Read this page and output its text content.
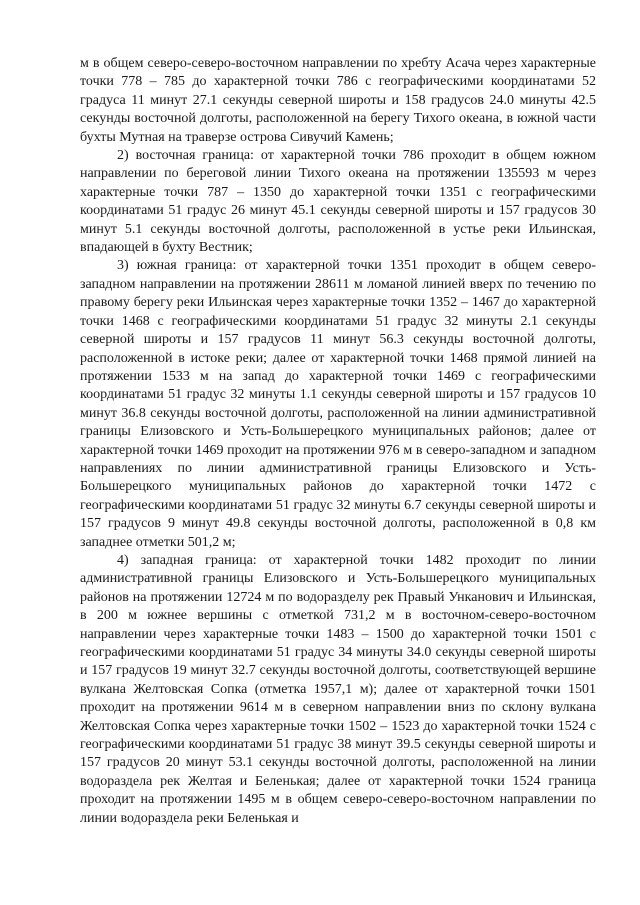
м в общем северо-северо-восточном направлении по хребту Асача через характерные точки 778 – 785 до характерной точки 786 с географическими координатами 52 градуса 11 минут 27.1 секунды северной широты и 158 градусов 24.0 минуты 42.5 секунды восточной долготы, расположенной на берегу Тихого океана, в южной части бухты Мутная на траверзе острова Сивучий Камень;

2) восточная граница: от характерной точки 786 проходит в общем южном направлении по береговой линии Тихого океана на протяжении 135593 м через характерные точки 787 – 1350 до характерной точки 1351 с географическими координатами 51 градус 26 минут 45.1 секунды северной широты и 157 градусов 30 минут 5.1 секунды восточной долготы, расположенной в устье реки Ильинская, впадающей в бухту Вестник;

3) южная граница: от характерной точки 1351 проходит в общем северо-западном направлении на протяжении 28611 м ломаной линией вверх по течению по правому берегу реки Ильинская через характерные точки 1352 – 1467 до характерной точки 1468 с географическими координатами 51 градус 32 минуты 2.1 секунды северной широты и 157 градусов 11 минут 56.3 секунды восточной долготы, расположенной в истоке реки; далее от характерной точки 1468 прямой линией на протяжении 1533 м на запад до характерной точки 1469 с географическими координатами 51 градус 32 минуты 1.1 секунды северной широты и 157 градусов 10 минут 36.8 секунды восточной долготы, расположенной на линии административной границы Елизовского и Усть-Большерецкого муниципальных районов; далее от характерной точки 1469 проходит на протяжении 976 м в северо-западном и западном направлениях по линии административной границы Елизовского и Усть-Большерецкого муниципальных районов до характерной точки 1472 с географическими координатами 51 градус 32 минуты 6.7 секунды северной широты и 157 градусов 9 минут 49.8 секунды восточной долготы, расположенной в 0,8 км западнее отметки 501,2 м;

4) западная граница: от характерной точки 1482 проходит по линии административной границы Елизовского и Усть-Большерецкого муниципальных районов на протяжении 12724 м по водоразделу рек Правый Унканович и Ильинская, в 200 м южнее вершины с отметкой 731,2 м в восточном-северо-восточном направлении через характерные точки 1483 – 1500 до характерной точки 1501 с географическими координатами 51 градус 34 минуты 34.0 секунды северной широты и 157 градусов 19 минут 32.7 секунды восточной долготы, соответствующей вершине вулкана Желтовская Сопка (отметка 1957,1 м); далее от характерной точки 1501 проходит на протяжении 9614 м в северном направлении вниз по склону вулкана Желтовская Сопка через характерные точки 1502 – 1523 до характерной точки 1524 с географическими координатами 51 градус 38 минут 39.5 секунды северной широты и 157 градусов 20 минут 53.1 секунды восточной долготы, расположенной на линии водораздела рек Желтая и Беленькая; далее от характерной точки 1524 граница проходит на протяжении 1495 м в общем северо-северо-восточном направлении по линии водораздела реки Беленькая и
